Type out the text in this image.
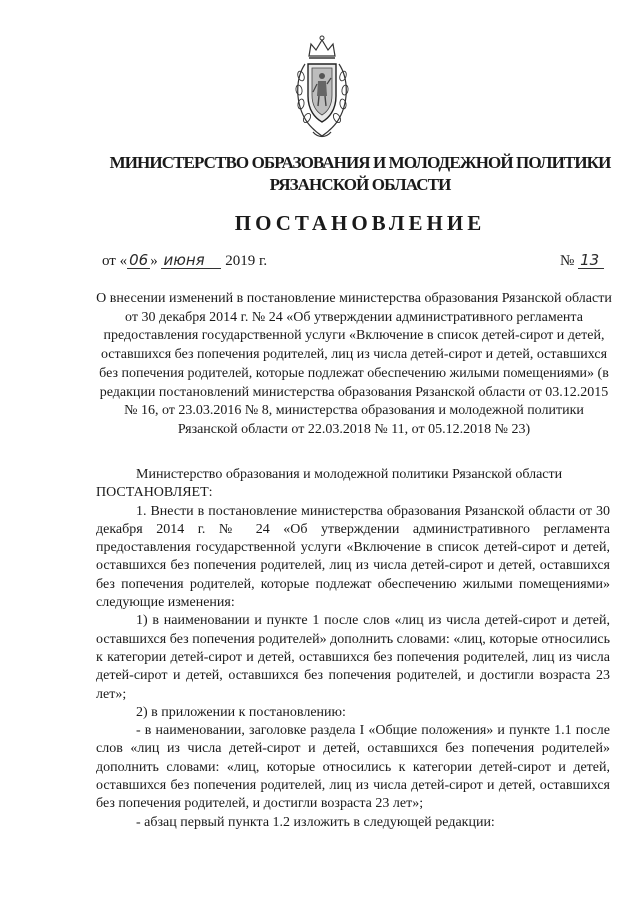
МИНИСТЕРСТВО ОБРАЗОВАНИЯ И МОЛОДЕЖНОЙ ПОЛИТИКИ
РЯЗАНСКОЙ ОБЛАСТИ
ПОСТАНОВЛЕНИЕ
от « 06 » июня 2019 г.	№ 13
О внесении изменений в постановление министерства образования Рязанской области от 30 декабря 2014 г. № 24 «Об утверждении административного регламента предоставления государственной услуги «Включение в список детей-сирот и детей, оставшихся без попечения родителей, лиц из числа детей-сирот и детей, оставшихся без попечения родителей, которые подлежат обеспечению жилыми помещениями» (в редакции постановлений министерства образования Рязанской области от 03.12.2015 № 16, от 23.03.2016 № 8, министерства образования и молодежной политики Рязанской области от 22.03.2018 № 11, от 05.12.2018 № 23)

Министерство образования и молодежной политики Рязанской области

ПОСТАНОВЛЯЕТ:

1. Внести в постановление министерства образования Рязанской области от 30 декабря 2014 г. № 24 «Об утверждении административного регламента предоставления государственной услуги «Включение в список детей-сирот и детей, оставшихся без попечения родителей, лиц из числа детей-сирот и детей, оставшихся без попечения родителей, которые подлежат обеспечению жилыми помещениями» следующие изменения:

1) в наименовании и пункте 1 после слов «лиц из числа детей-сирот и детей, оставшихся без попечения родителей» дополнить словами: «лиц, которые относились к категории детей-сирот и детей, оставшихся без попечения родителей, лиц из числа детей-сирот и детей, оставшихся без попечения родителей, и достигли возраста 23 лет»;

2) в приложении к постановлению:

- в наименовании, заголовке раздела I «Общие положения» и пункте 1.1 после слов «лиц из числа детей-сирот и детей, оставшихся без попечения родителей» дополнить словами: «лиц, которые относились к категории детей-сирот и детей, оставшихся без попечения родителей, лиц из числа детей-сирот и детей, оставшихся без попечения родителей, и достигли возраста 23 лет»;

- абзац первый пункта 1.2 изложить в следующей редакции:
